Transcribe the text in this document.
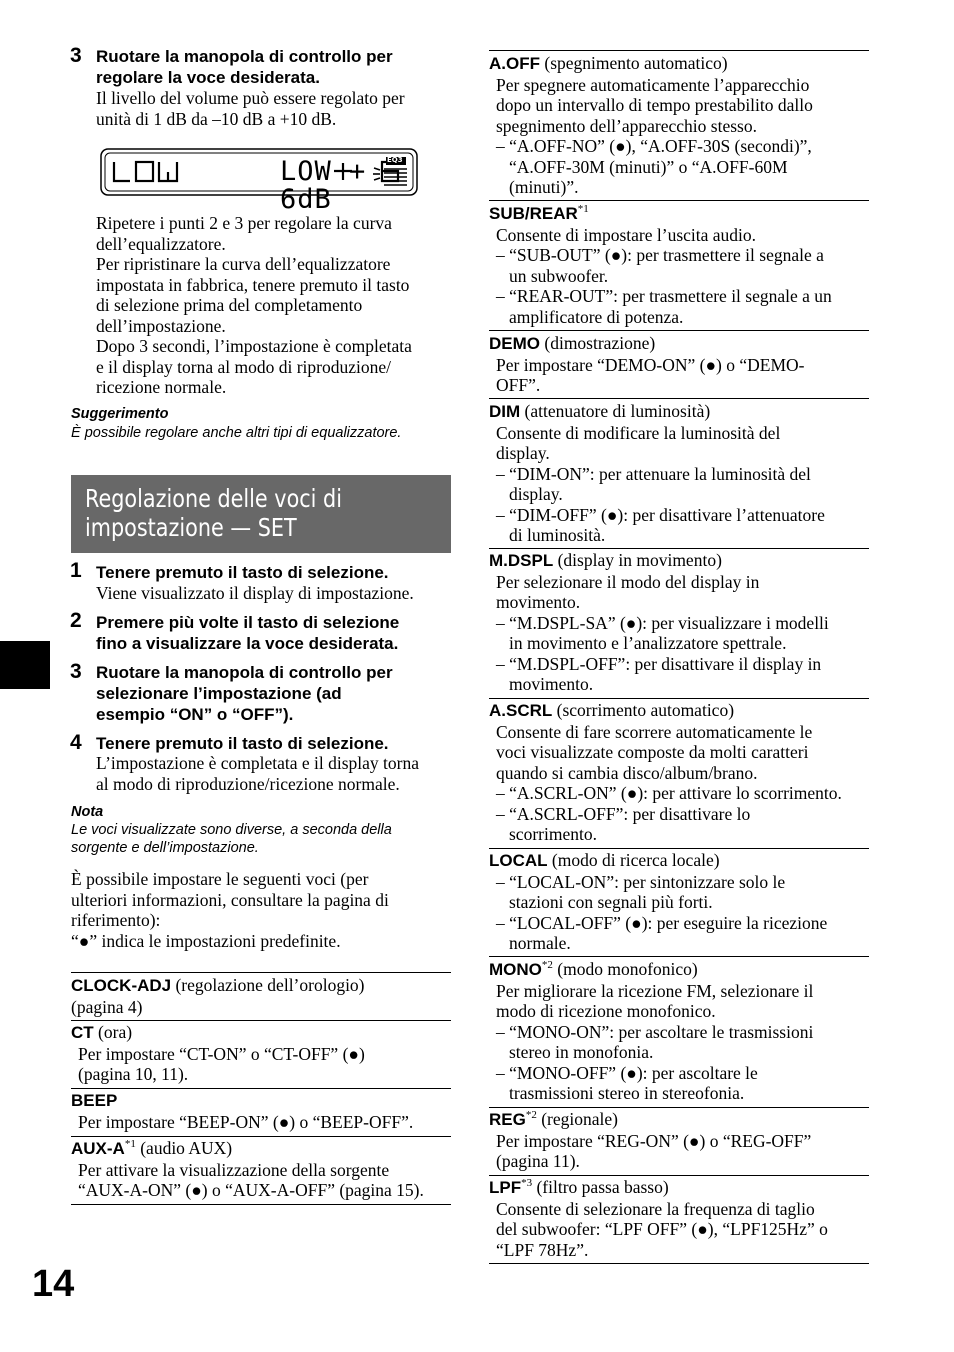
3 Ruotare la manopola di controllo per
regolare la voce desiderata.
Il livello del volume può essere regolato per
unità di 1 dB da –10 dB a +10 dB.
LOW + 6dB
EQ3
Ripetere i punti 2 e 3 per regolare la curva
dell’equalizzatore.
Per ripristinare la curva dell’equalizzatore
impostata in fabbrica, tenere premuto il tasto
di selezione prima del completamento
dell’impostazione.
Dopo 3 secondi, l’impostazione è completata
e il display torna al modo di riproduzione/
ricezione normale.
Suggerimento
È possibile regolare anche altri tipi di equalizzatore.
Regolazione delle voci di
impostazione — SET
1 Tenere premuto il tasto di selezione.
Viene visualizzato il display di impostazione.
2 Premere più volte il tasto di selezione
fino a visualizzare la voce desiderata.
3 Ruotare la manopola di controllo per
selezionare l’impostazione (ad
esempio “ON” o “OFF”).
4 Tenere premuto il tasto di selezione.
L’impostazione è completata e il display torna
al modo di riproduzione/ricezione normale.
Nota
Le voci visualizzate sono diverse, a seconda della
sorgente e dell’impostazione.
È possibile impostare le seguenti voci (per
ulteriori informazioni, consultare la pagina di
riferimento):
“●” indica le impostazioni predefinite.
CLOCK-ADJ (regolazione dell’orologio)
(pagina 4)
CT (ora)
Per impostare “CT-ON” o “CT-OFF” (●)
(pagina 10, 11).
BEEP
Per impostare “BEEP-ON” (●) o “BEEP-OFF”.
AUX-$A^{*1}$ (audio AUX)
Per attivare la visualizzazione della sorgente
“AUX-A-ON” (●) o “AUX-A-OFF” (pagina 15).
14
A.OFF (spegnimento automatico)
Per spegnere automaticamente l’apparecchio
dopo un intervallo di tempo prestabilito dallo
spegnimento dell’apparecchio stesso.
– “A.OFF-NO” (●), “A.OFF-30S (secondi)”,
“A.OFF-30M (minuti)” o “A.OFF-60M
(minuti)”.
SUB/REAR$^{*1}$
Consente di impostare l’uscita audio.
– “SUB-OUT” (●): per trasmettere il segnale a
un subwoofer.
– “REAR-OUT”: per trasmettere il segnale a un
amplificatore di potenza.
DEMO (dimostrazione)
Per impostare “DEMO-ON” (●) o “DEMO-
OFF”.
DIM (attenuatore di luminosità)
Consente di modificare la luminosità del
display.
– “DIM-ON”: per attenuare la luminosità del
display.
– “DIM-OFF” (●): per disattivare l’attenuatore
di luminosità.
M.DSPL (display in movimento)
Per selezionare il modo del display in
movimento.
– “M.DSPL-SA” (●): per visualizzare i modelli
in movimento e l’analizzatore spettrale.
– “M.DSPL-OFF”: per disattivare il display in
movimento.
A.SCRL (scorrimento automatico)
Consente di fare scorrere automaticamente le
voci visualizzate composte da molti caratteri
quando si cambia disco/album/brano.
– “A.SCRL-ON” (●): per attivare lo scorrimento.
– “A.SCRL-OFF”: per disattivare lo
scorrimento.
LOCAL (modo di ricerca locale)
– “LOCAL-ON”: per sintonizzare solo le
stazioni con segnali più forti.
– “LOCAL-OFF” (●): per eseguire la ricezione
normale.
MONO$^{*2}$ (modo monofonico)
Per migliorare la ricezione FM, selezionare il
modo di ricezione monofonico.
– “MONO-ON”: per ascoltare le trasmissioni
stereo in monofonia.
– “MONO-OFF” (●): per ascoltare le
trasmissioni stereo in stereofonia.
REG$^{*2}$ (regionale)
Per impostare “REG-ON” (●) o “REG-OFF”
(pagina 11).
LPF$^{*3}$ (filtro passa basso)
Consente di selezionare la frequenza di taglio
del subwoofer: “LPF OFF” (●), “LPF125Hz” o
“LPF 78Hz”.
